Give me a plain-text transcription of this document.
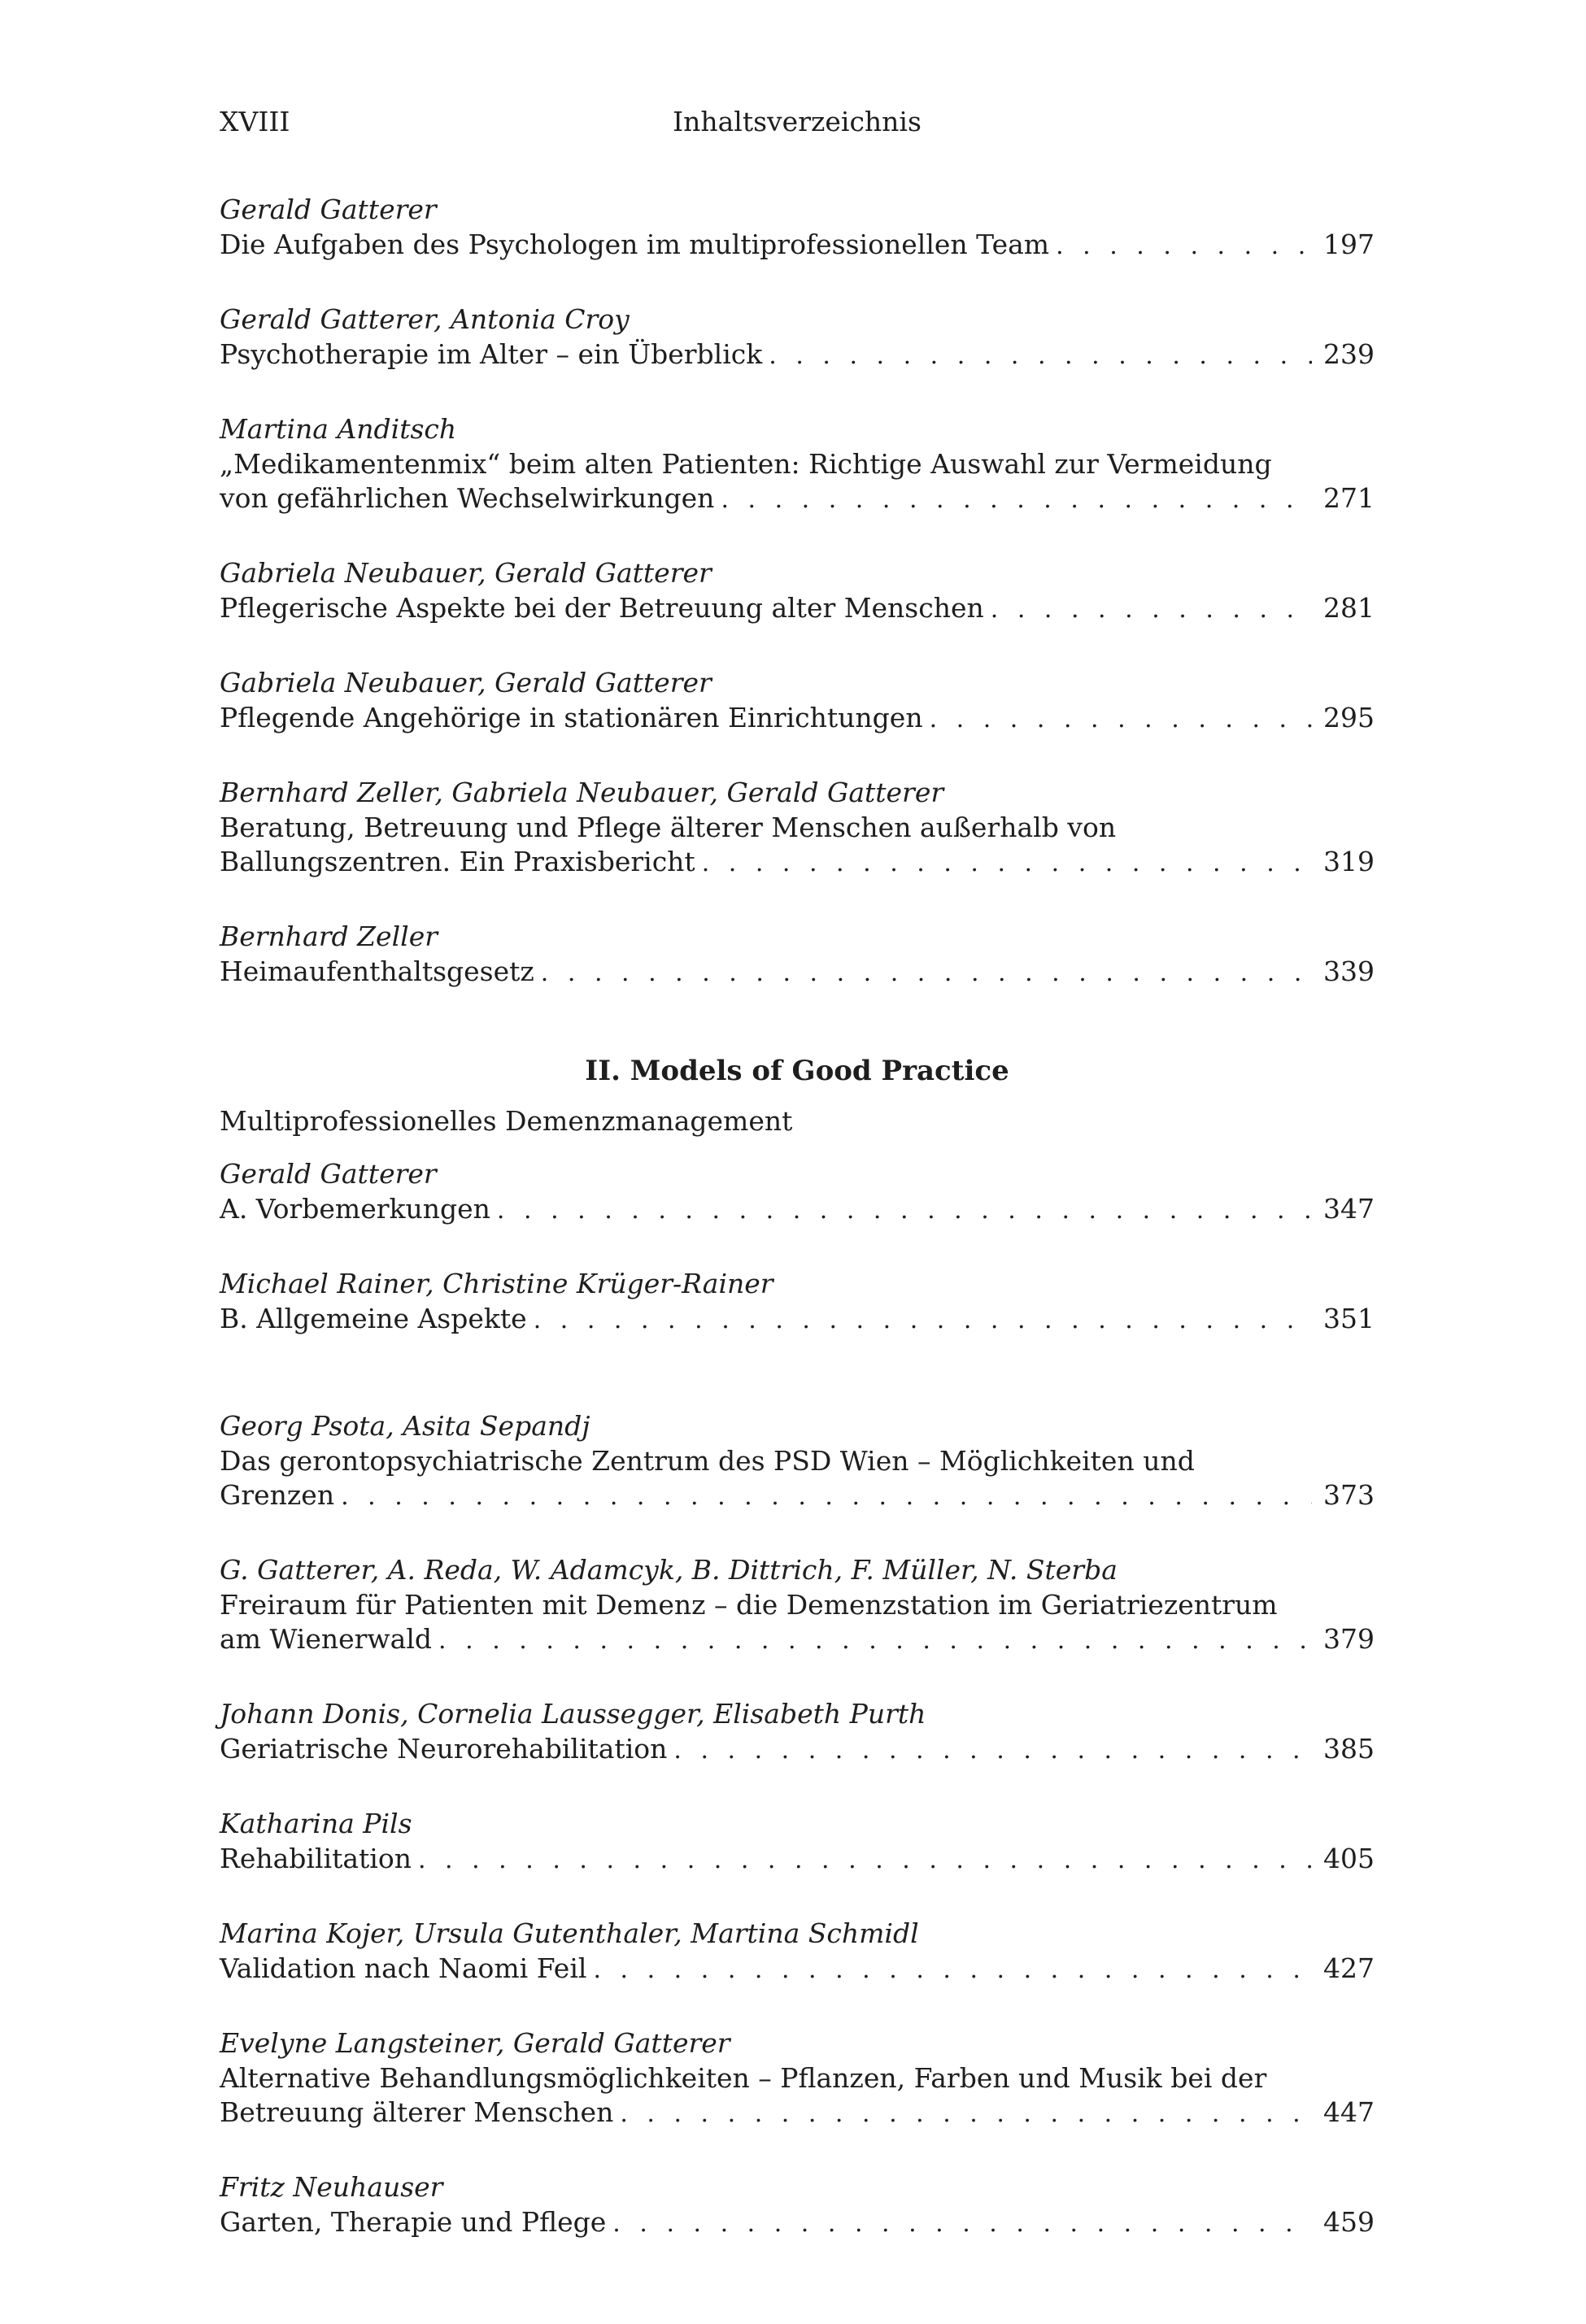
XVIII	Inhaltsverzeichnis
Gerald Gatterer
Die Aufgaben des Psychologen im multiprofessionellen Team . . .	197
Gerald Gatterer, Antonia Croy
Psychotherapie im Alter – ein Überblick . . .	239
Martina Anditsch
„Medikamentenmix“ beim alten Patienten: Richtige Auswahl zur Vermeidung
von gefährlichen Wechselwirkungen . . .	271
Gabriela Neubauer, Gerald Gatterer
Pflegerische Aspekte bei der Betreuung alter Menschen . . .	281
Gabriela Neubauer, Gerald Gatterer
Pflegende Angehörige in stationären Einrichtungen . . .	295
Bernhard Zeller, Gabriela Neubauer, Gerald Gatterer
Beratung, Betreuung und Pflege älterer Menschen außerhalb von
Ballungszentren. Ein Praxisbericht . . .	319
Bernhard Zeller
Heimaufenthaltsgesetz . . .	339
II. Models of Good Practice
Multiprofessionelles Demenzmanagement
Gerald Gatterer
A. Vorbemerkungen . . .	347
Michael Rainer, Christine Krüger-Rainer
B. Allgemeine Aspekte . . .	351
Georg Psota, Asita Sepandj
Das gerontopsychiatrische Zentrum des PSD Wien – Möglichkeiten und
Grenzen . . .	373
G. Gatterer, A. Reda, W. Adamcyk, B. Dittrich, F. Müller, N. Sterba
Freiraum für Patienten mit Demenz – die Demenzstation im Geriatriezentrum
am Wienerwald . . .	379
Johann Donis, Cornelia Laussegger, Elisabeth Purth
Geriatrische Neurorehabilitation . . .	385
Katharina Pils
Rehabilitation . . .	405
Marina Kojer, Ursula Gutenthaler, Martina Schmidl
Validation nach Naomi Feil . . .	427
Evelyne Langsteiner, Gerald Gatterer
Alternative Behandlungsmöglichkeiten – Pflanzen, Farben und Musik bei der
Betreuung älterer Menschen . . .	447
Fritz Neuhauser
Garten, Therapie und Pflege . . .	459
